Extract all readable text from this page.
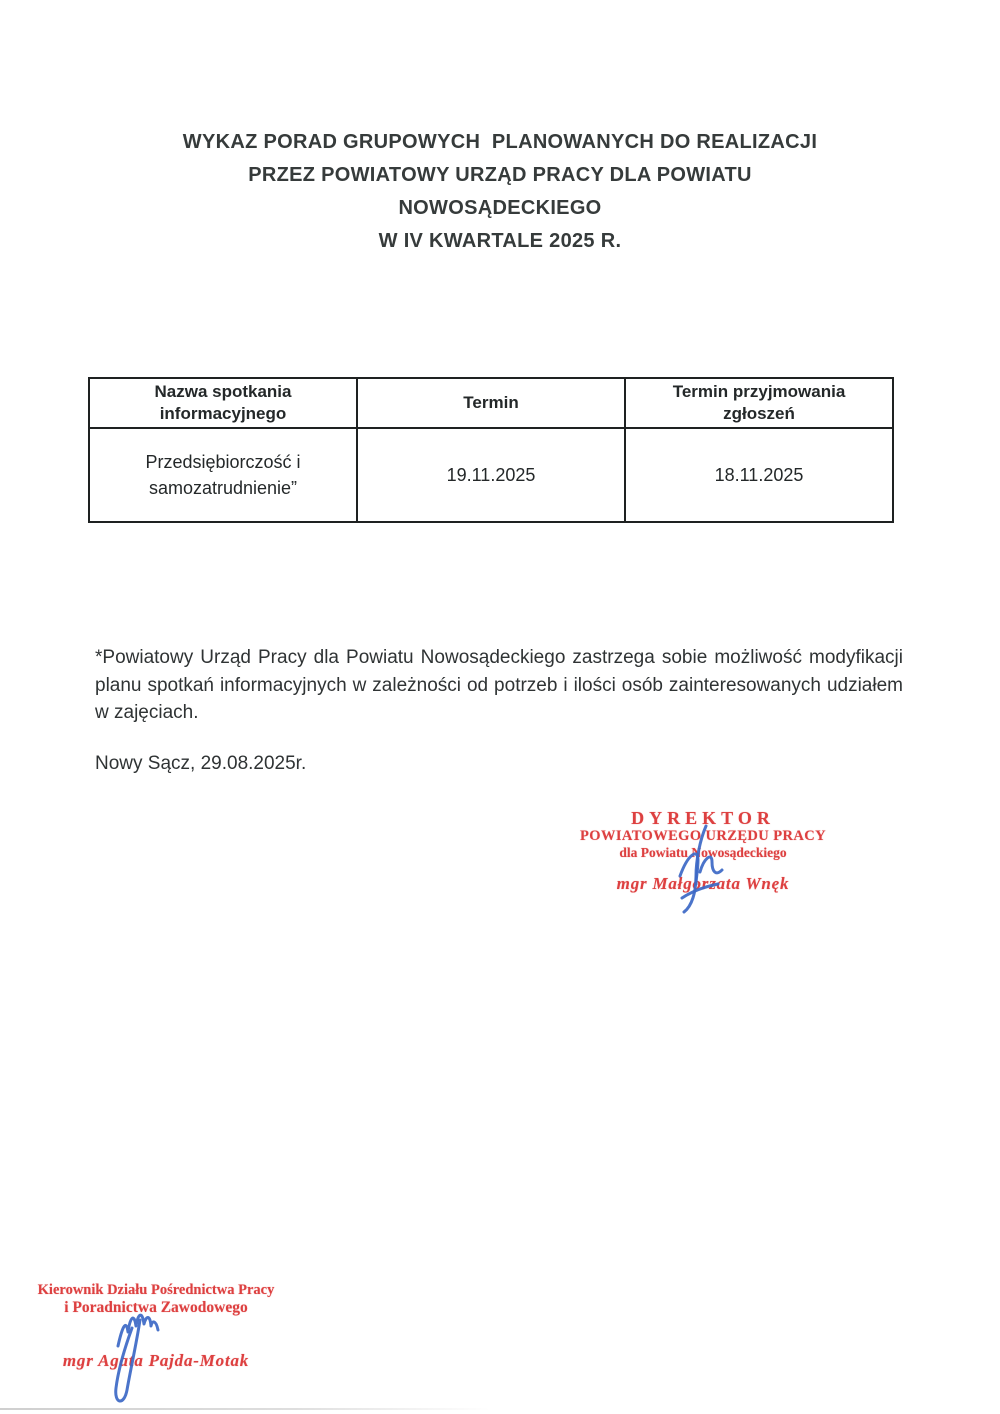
WYKAZ PORAD GRUPOWYCH  PLANOWANYCH DO REALIZACJI
PRZEZ POWIATOWY URZĄD PRACY DLA POWIATU
NOWOSĄDECKIEGO
W IV KWARTALE 2025 R.
Nazwa spotkania informacyjnego	Termin	Termin przyjmowania zgłoszeń
Przedsiębiorczość i samozatrudnienie”	19.11.2025	18.11.2025
*Powiatowy Urząd Pracy dla Powiatu Nowosądeckiego zastrzega sobie możliwość modyfikacji planu spotkań informacyjnych w zależności od potrzeb i ilości osób zainteresowanych udziałem w zajęciach.
Nowy Sącz, 29.08.2025r.
DYREKTOR
POWIATOWEGO URZĘDU PRACY
dla Powiatu Nowosądeckiego
mgr Małgorzata Wnęk
Kierownik Działu Pośrednictwa Pracy
i Poradnictwa Zawodowego
mgr Agata Pajda-Motak
